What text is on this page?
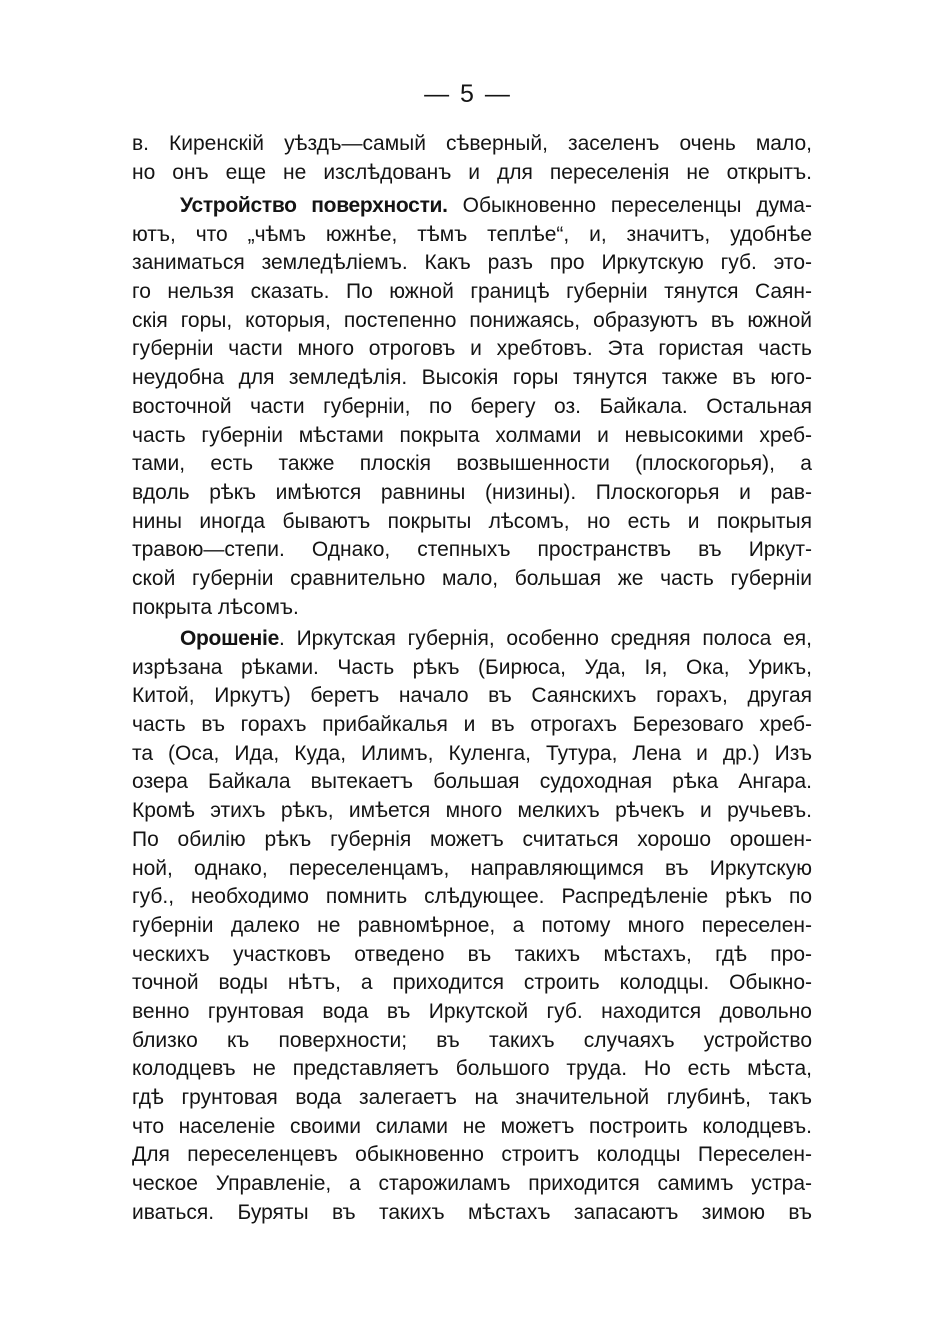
— 5 —
в. Киренскій уѣздъ—самый сѣверный, заселенъ очень мало,
но онъ еще не изслѣдованъ и для переселенія не открытъ.
Устройство поверхности. Обыкновенно переселенцы дума-
ютъ, что „чѣмъ южнѣе, тѣмъ теплѣе“, и, значитъ, удобнѣе
заниматься земледѣліемъ. Какъ разъ про Иркутскую губ. это-
го нельзя сказать. По южной границѣ губерніи тянутся Саян-
скія горы, которыя, постепенно понижаясь, образуютъ въ южной
губерніи части много отроговъ и хребтовъ. Эта гористая часть
неудобна для земледѣлія. Высокія горы тянутся также въ юго-
восточной части губерніи, по берегу оз. Байкала. Остальная
часть губерніи мѣстами покрыта холмами и невысокими хреб-
тами, есть также плоскія возвышенности (плоскогорья), а
вдоль рѣкъ имѣются равнины (низины). Плоскогорья и рав-
нины иногда бываютъ покрыты лѣсомъ, но есть и покрытыя
травою—степи. Однако, степныхъ пространствъ въ Иркут-
ской губерніи сравнительно мало, большая же часть губерніи
покрыта лѣсомъ.
Орошеніе. Иркутская губернія, особенно средняя полоса ея,
изрѣзана рѣками. Часть рѣкъ (Бирюса, Уда, Ія, Ока, Урикъ,
Китой, Иркутъ) беретъ начало въ Саянскихъ горахъ, другая
часть въ горахъ прибайкалья и въ отрогахъ Березоваго хреб-
та (Оса, Ида, Куда, Илимъ, Куленга, Тутура, Лена и др.) Изъ
озера Байкала вытекаетъ большая судоходная рѣка Ангара.
Кромѣ этихъ рѣкъ, имѣется много мелкихъ рѣчекъ и ручьевъ.
По обилію рѣкъ губернія можетъ считаться хорошо орошен-
ной, однако, переселенцамъ, направляющимся въ Иркутскую
губ., необходимо помнить слѣдующее. Распредѣленіе рѣкъ по
губерніи далеко не равномѣрное, а потому много переселен-
ческихъ участковъ отведено въ такихъ мѣстахъ, гдѣ про-
точной воды нѣтъ, а приходится строить колодцы. Обыкно-
венно грунтовая вода въ Иркутской губ. находится довольно
близко къ поверхности; въ такихъ случаяхъ устройство
колодцевъ не представляетъ большого труда. Но есть мѣста,
гдѣ грунтовая вода залегаетъ на значительной глубинѣ, такъ
что населеніе своими силами не можетъ построить колодцевъ.
Для переселенцевъ обыкновенно строитъ колодцы Переселен-
ческое Управленіе, а старожиламъ приходится самимъ устра-
иваться. Буряты въ такихъ мѣстахъ запасаютъ зимою въ
